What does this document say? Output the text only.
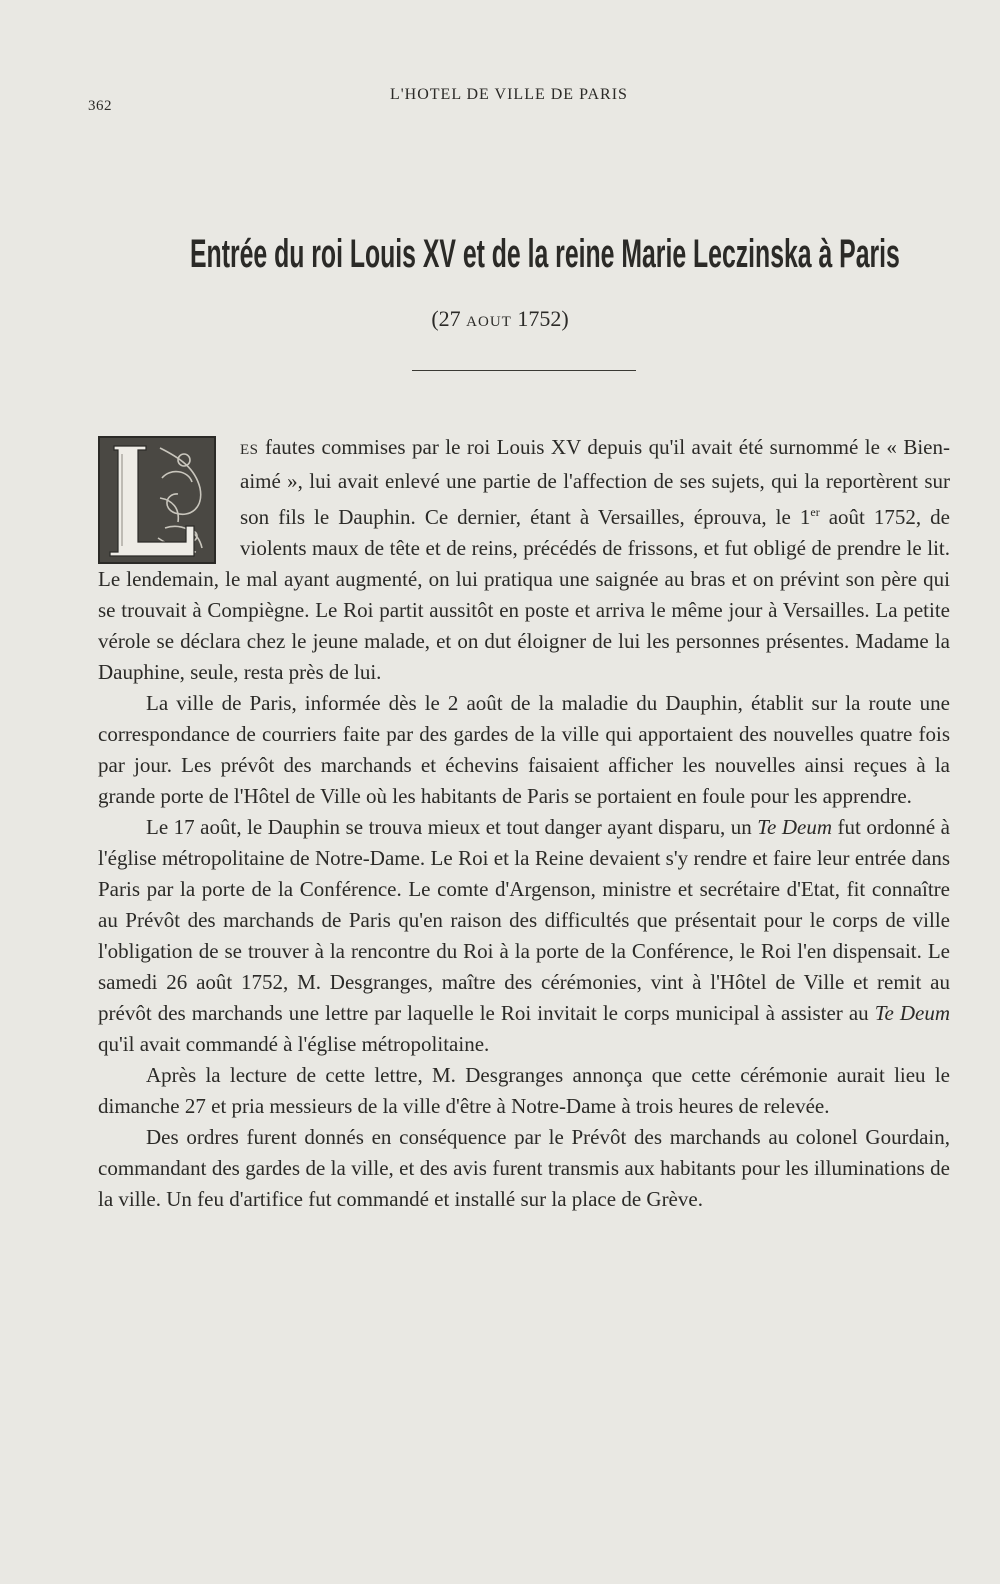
362
L'HOTEL DE VILLE DE PARIS
Entrée du roi Louis XV et de la reine Marie Leczinska à Paris
(27 AOUT 1752)

ES fautes commises par le roi Louis XV depuis qu'il avait été surnommé le « Bien-aimé », lui avait enlevé une partie de l'affection de ses sujets, qui la reportèrent sur son fils le Dauphin. Ce dernier, étant à Versailles, éprouva, le 1er août 1752, de violents maux de tête et de reins, précédés de frissons, et fut obligé de prendre le lit. Le lendemain, le mal ayant augmenté, on lui pratiqua une saignée au bras et on prévint son père qui se trouvait à Compiègne. Le Roi partit aussitôt en poste et arriva le même jour à Versailles. La petite vérole se déclara chez le jeune malade, et on dut éloigner de lui les personnes présentes. Madame la Dauphine, seule, resta près de lui.

La ville de Paris, informée dès le 2 août de la maladie du Dauphin, établit sur la route une correspondance de courriers faite par des gardes de la ville qui apportaient des nouvelles quatre fois par jour. Les prévôt des marchands et échevins faisaient afficher les nouvelles ainsi reçues à la grande porte de l'Hôtel de Ville où les habitants de Paris se portaient en foule pour les apprendre.

Le 17 août, le Dauphin se trouva mieux et tout danger ayant disparu, un Te Deum fut ordonné à l'église métropolitaine de Notre-Dame. Le Roi et la Reine devaient s'y rendre et faire leur entrée dans Paris par la porte de la Conférence. Le comte d'Argenson, ministre et secrétaire d'Etat, fit connaître au Prévôt des marchands de Paris qu'en raison des difficultés que présentait pour le corps de ville l'obligation de se trouver à la rencontre du Roi à la porte de la Conférence, le Roi l'en dispensait. Le samedi 26 août 1752, M. Desgranges, maître des cérémonies, vint à l'Hôtel de Ville et remit au prévôt des marchands une lettre par laquelle le Roi invitait le corps municipal à assister au Te Deum qu'il avait commandé à l'église métropolitaine.

Après la lecture de cette lettre, M. Desgranges annonça que cette cérémonie aurait lieu le dimanche 27 et pria messieurs de la ville d'être à Notre-Dame à trois heures de relevée.

Des ordres furent donnés en conséquence par le Prévôt des marchands au colonel Gourdain, commandant des gardes de la ville, et des avis furent transmis aux habitants pour les illuminations de la ville. Un feu d'artifice fut commandé et installé sur la place de Grève.
